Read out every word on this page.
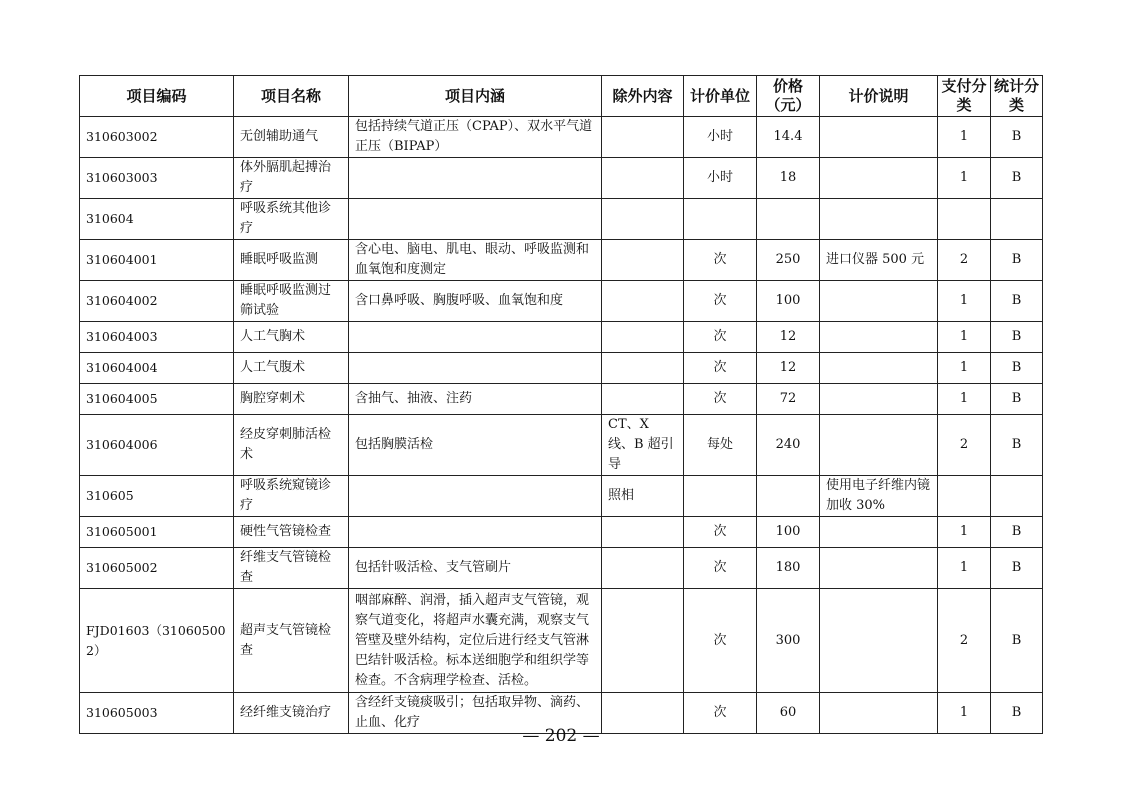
项目编码	项目名称	项目内涵	除外内容	计价单位	价格（元）	计价说明	支付分类	统计分类
310603002	无创辅助通气	包括持续气道正压（CPAP）、双水平气道正压（BIPAP）		小时	14.4		1	B
310603003	体外膈肌起搏治疗			小时	18		1	B
310604	呼吸系统其他诊疗							
310604001	睡眠呼吸监测	含心电、脑电、肌电、眼动、呼吸监测和血氧饱和度测定		次	250	进口仪器 500 元	2	B
310604002	睡眠呼吸监测过筛试验	含口鼻呼吸、胸腹呼吸、血氧饱和度		次	100		1	B
310604003	人工气胸术			次	12		1	B
310604004	人工气腹术			次	12		1	B
310604005	胸腔穿刺术	含抽气、抽液、注药		次	72		1	B
310604006	经皮穿刺肺活检术	包括胸膜活检	CT、X 线、B 超引导	每处	240		2	B
310605	呼吸系统窥镜诊疗		照相			使用电子纤维内镜加收 30%		
310605001	硬性气管镜检查			次	100		1	B
310605002	纤维支气管镜检查	包括针吸活检、支气管刷片		次	180		1	B
FJD01603（310605002）	超声支气管镜检查	咽部麻醉、润滑，插入超声支气管镜，观察气道变化，将超声水囊充满，观察支气管壁及壁外结构，定位后进行经支气管淋巴结针吸活检。标本送细胞学和组织学等检查。不含病理学检查、活检。		次	300		2	B
310605003	经纤维支镜治疗	含经纤支镜痰吸引；包括取异物、滴药、止血、化疗		次	60		1	B
— 202 —
